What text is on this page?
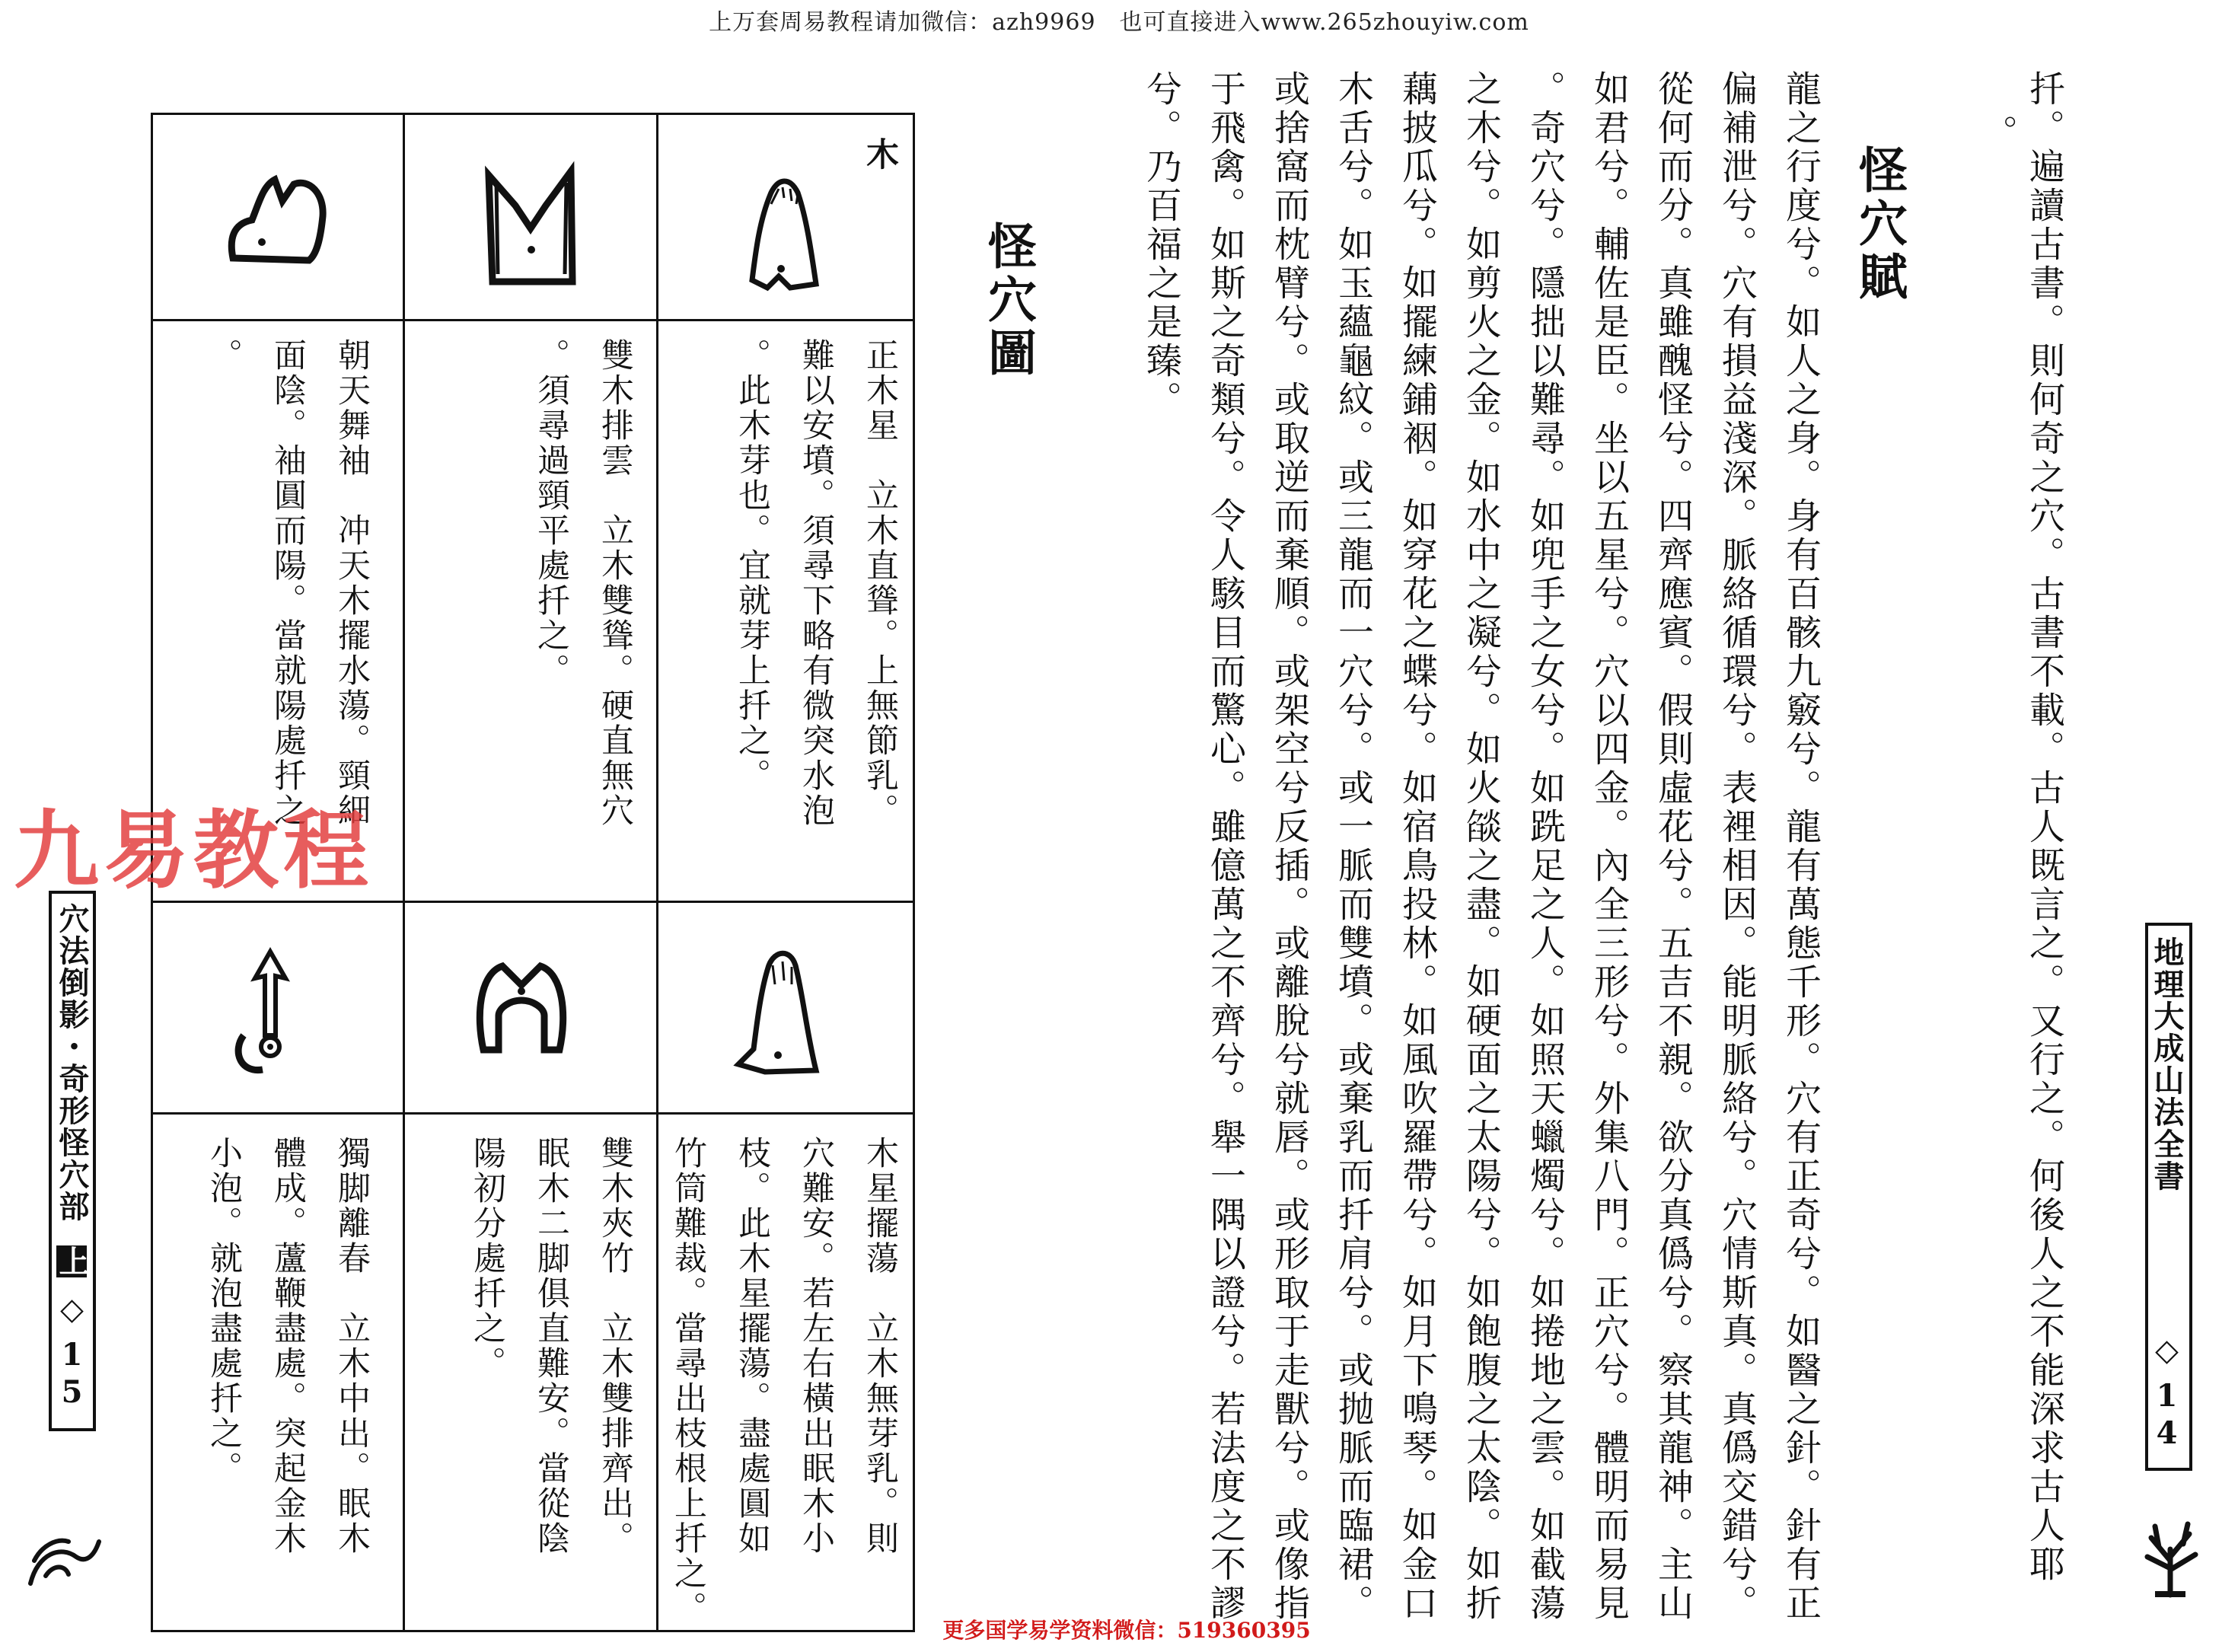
上万套周易教程请加微信：azh9969　也可直接进入www.265zhouyiw.com
更多国学易学资料微信：519360395
地理大成山法全書
◇
14
扦。遍讀古書。則何奇之穴。古書不載。古人既言之。又行之。何後人之不能深求古人耶
。
怪穴賦
龍之行度兮。如人之身。身有百骸九竅兮。龍有萬態千形。穴有正奇兮。如醫之針。針有正
偏補泄兮。穴有損益淺深。脈絡循環兮。表裡相因。能明脈絡兮。穴情斯真。真僞交錯兮。
從何而分。真雖醜怪兮。四齊應賓。假則虛花兮。五吉不親。欲分真僞兮。察其龍神。主山
如君兮。輔佐是臣。坐以五星兮。穴以四金。內全三形兮。外集八門。正穴兮。體明而易見
。奇穴兮。隱拙以難尋。如兜手之女兮。如跣足之人。如照天蠟燭兮。如捲地之雲。如截蕩
之木兮。如剪火之金。如水中之凝兮。如火燄之盡。如硬面之太陽兮。如飽腹之太陰。如折
藕披瓜兮。如擺練鋪裀。如穿花之蝶兮。如宿鳥投林。如風吹羅帶兮。如月下鳴琴。如金口
木舌兮。如玉蘊龜紋。或三龍而一穴兮。或一脈而雙墳。或棄乳而扦肩兮。或抛脈而臨裙。
或捨窩而枕臂兮。或取逆而棄順。或架空兮反插。或離脫兮就唇。或形取于走獸兮。或像指
于飛禽。如斯之奇類兮。令人駭目而驚心。雖億萬之不齊兮。舉一隅以證兮。若法度之不謬
兮。乃百福之是臻。
怪穴圖
木
正木星　立木直聳。上無節乳。
難以安墳。須尋下略有微突水泡
。此木芽也。宜就芽上扦之。
雙木排雲　立木雙聳。硬直無穴
。須尋過頸平處扦之。
朝天舞袖　冲天木擺水蕩。頸細
面陰。袖圓而陽。當就陽處扦之
。
木星擺蕩　立木無芽乳。則
穴難安。若左右橫出眠木小
枝。此木星擺蕩。盡處圓如
竹筒難裁。當尋出枝根上扦之。
雙木夾竹　立木雙排齊出。
眠木二脚俱直難安。當從陰
陽初分處扦之。
獨脚離春　立木中出。眠木
體成。蘆鞭盡處。突起金木
小泡。就泡盡處扦之。
穴法倒影・奇形怪穴部
上
◇
15
九易教程
